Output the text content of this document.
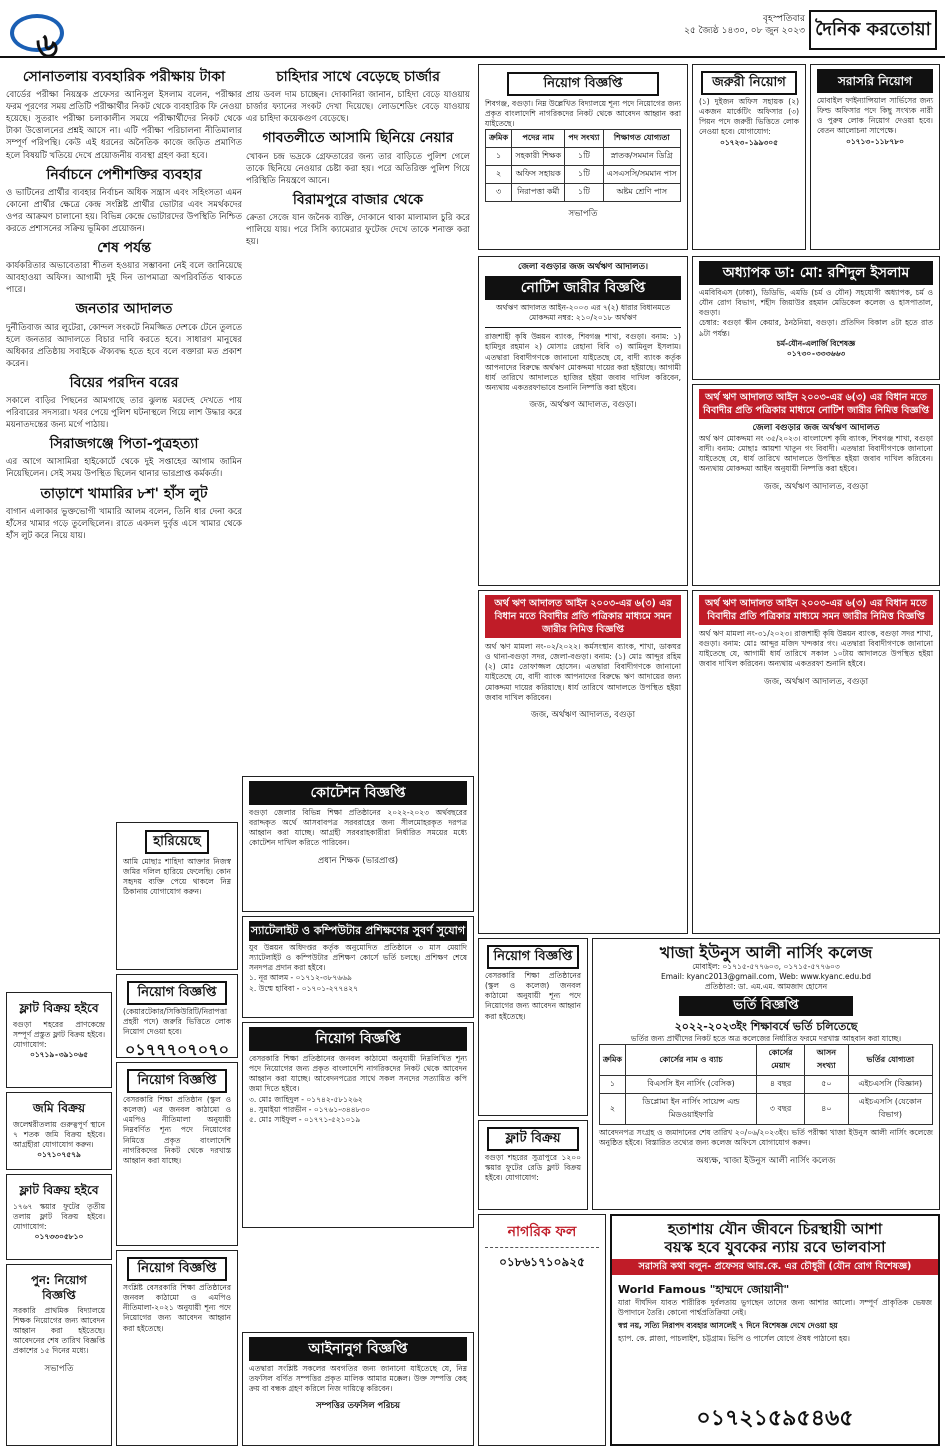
৬
বৃহস্পতিবার
২৫ জ্যৈষ্ঠ ১৪৩০, ০৮ জুন ২০২৩ দৈনিক করতোয়া
সোনাতলায় ব্যবহারিক পরীক্ষায় টাকা
বোর্ডের পরীক্ষা নিয়ন্ত্রক প্রফেসর আনিসুল ইসলাম বলেন, পরীক্ষার ফরম পূরণের সময় প্রতিটি পরীক্ষার্থীর নিকট থেকে ব্যবহারিক ফি নেওয়া হয়েছে। সুতরাং পরীক্ষা চলাকালীন সময়ে পরীক্ষার্থীদের নিকট থেকে টাকা উত্তোলনের প্রশ্নই আসে না। এটি পরীক্ষা পরিচালনা নীতিমালার সম্পূর্ণ পরিপন্থি। কেউ এই ধরনের অনৈতিক কাজে জড়িত প্রমাণিত হলে বিষয়টি খতিয়ে দেখে প্রয়োজনীয় ব্যবস্থা গ্রহণ করা হবে।
নির্বাচনে পেশীশক্তির ব্যবহার
ও ভাটিনের প্রার্থীর ব্যবহার নির্বাচন অধিক সন্ত্রাস এবং সহিংসতা এমন কোনো প্রার্থীর ক্ষেত্রে কেন্দ্র সংশ্লিষ্ট প্রার্থীর ভোটার এবং সমর্থকদের ওপর আক্রমণ চালানো হয়। বিভিন্ন কেন্দ্রে ভোটারদের উপস্থিতি নিশ্চিত করতে প্রশাসনের সক্রিয় ভূমিকা প্রয়োজন।
শেষ পর্যন্ত
কার্যকরিতার অভাবেতারা শীতল হওয়ার সম্ভাবনা নেই বলে জানিয়েছে আবহাওয়া অফিস। আগামী দুই দিন তাপমাত্রা অপরিবর্তিত থাকতে পারে।
জনতার আদালত
দুর্নীতিবাজ আর লুটেরা, কোন্দল সংকটে নিমজ্জিত দেশকে টেনে তুলতে হলে জনতার আদালতে বিচার দাবি করতে হবে। সাধারণ মানুষের অধিকার প্রতিষ্ঠায় সবাইকে ঐক্যবদ্ধ হতে হবে বলে বক্তারা মত প্রকাশ করেন।
বিয়ের পরদিন বরের
সকালে বাড়ির পিছনের আমগাছে তার ঝুলন্ত মরদেহ দেখতে পায় পরিবারের সদস্যরা। খবর পেয়ে পুলিশ ঘটনাস্থলে গিয়ে লাশ উদ্ধার করে ময়নাতদন্তের জন্য মর্গে পাঠায়।
সিরাজগঞ্জে পিতা-পুত্রহত্যা
এর আগে আসামিরা হাইকোর্টে থেকে দুই সপ্তাহের আগাম জামিন নিয়েছিলেন। সেই সময় উপস্থিত ছিলেন থানার ভারপ্রাপ্ত কর্মকর্তা।
তাড়াশে খামারির ৮শ' হাঁস লুট
বাগান এলাকার ভুক্তভোগী খামারি আলম বলেন, তিনি ধার দেনা করে হাঁসের খামার গড়ে তুলেছিলেন। রাতে একদল দুর্বৃত্ত এসে খামার থেকে হাঁস লুট করে নিয়ে যায়।
চাহিদার সাথে বেড়েছে চার্জার
প্রায় ডবল দাম চাচ্ছেন। দোকানিরা জানান, চাহিদা বেড়ে যাওয়ায় চার্জার ফ্যানের সংকট দেখা দিয়েছে। লোডশেডিং বেড়ে যাওয়ায় এর চাহিদা কয়েকগুণ বেড়েছে।
গাবতলীতে আসামি ছিনিয়ে নেয়ার
খোকন চন্দ্র ভদ্রকে গ্রেফতারের জন্য তার বাড়িতে পুলিশ গেলে তাকে ছিনিয়ে নেওয়ার চেষ্টা করা হয়। পরে অতিরিক্ত পুলিশ গিয়ে পরিস্থিতি নিয়ন্ত্রণে আনে।
বিরামপুরে বাজার থেকে
ক্রেতা সেজে যান জনৈক ব্যক্তি, দোকানে থাকা মালামাল চুরি করে পালিয়ে যায়। পরে সিসি ক্যামেরার ফুটেজ দেখে তাকে শনাক্ত করা হয়।
হারিয়েছে
আমি মোছাঃ শাহিদা আক্তার নিজস্ব জমির দলিল হারিয়ে ফেলেছি। কোন সহৃদয় ব্যক্তি পেয়ে থাকলে নিম্ন ঠিকানায় যোগাযোগ করুন।
নিয়োগ বিজ্ঞপ্তি
(কেয়ারটেকার/সিকিউরিটি/নিরাপত্তা প্রহরী পদে) জরুরি ভিত্তিতে লোক নিয়োগ দেওয়া হবে।
০১৭৭৭০৭০৭০
ফ্লাট বিক্রয় হইবে
বগুড়া শহরের প্রাণকেন্দ্রে সম্পূর্ণ প্রস্তুত ফ্লাট বিক্রয় হইবে। যোগাযোগ:
০১৭১৯-৩৯১০৬৫
জমি বিক্রয়
জলেশ্বরীতলায় গুরুত্বপূর্ণ স্থানে ৭ শতক জমি বিক্রয় হইবে। আগ্রহীরা যোগাযোগ করুন।
০১৭১০৭৫৭৯
ফ্লাট বিক্রয় হইবে
১৭৬৭ স্কয়ার ফুটের তৃতীয় তলায় ফ্লাট বিক্রয় হইবে। যোগাযোগ:
০১৭৩৩০৫৮১০
পুন: নিয়োগ বিজ্ঞপ্তি
সরকারি প্রাথমিক বিদ্যালয়ে শিক্ষক নিয়োগের জন্য আবেদন আহ্বান করা হইতেছে। আবেদনের শেষ তারিখ বিজ্ঞপ্তি প্রকাশের ১৫ দিনের মধ্যে।
সভাপতি
নিয়োগ বিজ্ঞপ্তি
বেসরকারি শিক্ষা প্রতিষ্ঠান (স্কুল ও কলেজ) এর জনবল কাঠামো ও এমপিও নীতিমালা অনুযায়ী নিম্নবর্ণিত শূন্য পদে নিয়োগের নিমিত্তে প্রকৃত বাংলাদেশি নাগরিকদের নিকট থেকে দরখাস্ত আহ্বান করা যাচ্ছে।
নিয়োগ বিজ্ঞপ্তি
সংশ্লিষ্ট বেসরকারি শিক্ষা প্রতিষ্ঠানের জনবল কাঠামো ও এমপিও নীতিমালা-২০২১ অনুযায়ী শূন্য পদে নিয়োগের জন্য আবেদন আহ্বান করা হইতেছে।
কোটেশন বিজ্ঞপ্তি
বগুড়া জেলার বিভিন্ন শিক্ষা প্রতিষ্ঠানের ২০২২-২০২৩ অর্থবছরের বরাদ্দকৃত অর্থে আসবাবপত্র সরবরাহের জন্য সীলমোহরকৃত দরপত্র আহ্বান করা যাচ্ছে। আগ্রহী সরবরাহকারীরা নির্ধারিত সময়ের মধ্যে কোটেশন দাখিল করিতে পারিবেন।
প্রধান শিক্ষক (ভারপ্রাপ্ত)
স্যাটেলাইট ও কম্পিউটার প্রশিক্ষণের সুবর্ণ সুযোগ
যুব উন্নয়ন অধিদপ্তর কর্তৃক অনুমোদিত প্রতিষ্ঠানে ৩ মাস মেয়াদি স্যাটেলাইট ও কম্পিউটার প্রশিক্ষণ কোর্সে ভর্তি চলছে। প্রশিক্ষণ শেষে সনদপত্র প্রদান করা হইবে।
১. নূর আলম - ০১৭১২-৩৮৭৬৬৯
২. উম্মে হাবিবা - ০১৭০১-২৭৭৪২৭
নিয়োগ বিজ্ঞপ্তি
বেসরকারি শিক্ষা প্রতিষ্ঠানের জনবল কাঠামো অনুযায়ী নিম্নলিখিত শূন্য পদে নিয়োগের জন্য প্রকৃত বাংলাদেশি নাগরিকদের নিকট থেকে আবেদন আহ্বান করা যাচ্ছে। আবেদনপত্রের সাথে সকল সনদের সত্যায়িত কপি জমা দিতে হইবে।
৩. মোঃ জাহিদুল - ০১৭৪২-৫৮১২৬২
৪. সুমাইয়া পারভীন - ০১৭৬১-৩৪৪৮৩০
৫. মোঃ সাইফুল - ০১৭৭১-৫২১০১৯
আইনানুগ বিজ্ঞপ্তি
এতদ্বারা সংশ্লিষ্ট সকলের অবগতির জন্য জানানো যাইতেছে যে, নিম্ন তফসিল বর্ণিত সম্পত্তির প্রকৃত মালিক আমার মক্কেল। উক্ত সম্পত্তি কেহ ক্রয় বা বন্ধক গ্রহণ করিলে নিজ দায়িত্বে করিবেন।
সম্পত্তির তফসিল পরিচয়
নিয়োগ বিজ্ঞপ্তি
শিবগঞ্জ, বগুড়া। নিম্ন উল্লেখিত বিদ্যালয়ে শূন্য পদে নিয়োগের জন্য প্রকৃত বাংলাদেশি নাগরিকদের নিকট থেকে আবেদন আহ্বান করা যাইতেছে।
ক্রমিক	পদের নাম	পদ সংখ্যা	শিক্ষাগত যোগ্যতা
১	সহকারী শিক্ষক	১টি	স্নাতক/সমমান ডিগ্রি
২	অফিস সহায়ক	১টি	এসএসসি/সমমান পাস
৩	নিরাপত্তা কর্মী	১টি	অষ্টম শ্রেণি পাস
সভাপতি
জরুরী নিয়োগ
(১) দুইজন অফিস সহায়ক (২) একজন মার্কেটিং অফিসার (৩) পিয়ন পদে জরুরী ভিত্তিতে লোক নেওয়া হবে। যোগাযোগ:
০১৭২৩-১৯৯৩০৫
সরাসরি নিয়োগ
মোবাইল ফাইন্যান্সিয়াল সার্ভিসের জন্য ফিল্ড অফিসার পদে কিছু সংখ্যক নারী ও পুরুষ লোক নিয়োগ দেওয়া হবে। বেতন আলোচনা সাপেক্ষে।
০১৭১৩-১১৮৭৮০
জেলা বগুড়ার জজ অর্থঋণ আদালত।
নোটিশ জারীর বিজ্ঞপ্তি
অর্থঋণ আদালত আইন-২০০৩ এর ৭(২) ধারার বিধানমতে মোকদ্দমা নম্বর: ২১০/২০১৮ অর্থঋণ
রাজশাহী কৃষি উন্নয়ন ব্যাংক, শিবগঞ্জ শাখা, বগুড়া। বনাম: ১) হামিদুর রহমান ২) মোসাঃ রেহানা বিবি ৩) আমিনুল ইসলাম। এতদ্বারা বিবাদীগণকে জানানো যাইতেছে যে, বাদী ব্যাংক কর্তৃক আপনাদের বিরুদ্ধে অর্থঋণ মোকদ্দমা দায়ের করা হইয়াছে। আগামী ধার্য তারিখে আদালতে হাজির হইয়া জবাব দাখিল করিবেন, অন্যথায় একতরফাভাবে শুনানি নিষ্পত্তি করা হইবে।
জজ, অর্থঋণ আদালত, বগুড়া।
অধ্যাপক ডা: মো: রশিদুল ইসলাম
এমবিবিএস (ঢাকা), ডিডিভি, এমডি (চর্ম ও যৌন) সহযোগী অধ্যাপক, চর্ম ও যৌন রোগ বিভাগ, শহীদ জিয়াউর রহমান মেডিকেল কলেজ ও হাসপাতাল, বগুড়া।
চেম্বার: বগুড়া স্কীন কেয়ার, ঠনঠনিয়া, বগুড়া। প্রতিদিন বিকাল ৪টা হতে রাত ৯টা পর্যন্ত।
চর্ম-যৌন-এলার্জি বিশেষজ্ঞ
০১৭৩০-৩৩৩৬৬৩
অর্থ ঋণ আদালত আইন ২০০৩-এর ৬(৩) এর বিধান মতে বিবাদীর প্রতি পত্রিকার মাধ্যমে নোটিশ জারীর নিমিত্ত বিজ্ঞপ্তি
জেলা বগুড়ার জজ অর্থঋণ আদালত
অর্থ ঋণ মোকদ্দমা নং ৩৫/২০২৩। বাংলাদেশ কৃষি ব্যাংক, শিবগঞ্জ শাখা, বগুড়া বাদী। বনাম: মোছাঃ আয়শা খাতুন গং বিবাদী। এতদ্বারা বিবাদীগণকে জানানো যাইতেছে যে, ধার্য তারিখে আদালতে উপস্থিত হইয়া জবাব দাখিল করিবেন। অন্যথায় মোকদ্দমা আইন অনুযায়ী নিষ্পত্তি করা হইবে।
জজ, অর্থঋণ আদালত, বগুড়া
অর্থ ঋণ আদালত আইন ২০০৩-এর ৬(৩) এর বিধান মতে বিবাদীর প্রতি পত্রিকার মাধ্যমে সমন জারীর নিমিত্ত বিজ্ঞপ্তি
অর্থ ঋণ মামলা নং-০২/২০২২। কর্মসংস্থান ব্যাংক, শাখা, ডাকঘর ও থানা-বগুড়া সদর, জেলা-বগুড়া। বনাম: (১) মোঃ আব্দুর রহিম (২) মোঃ তোফাজ্জল হোসেন। এতদ্বারা বিবাদীগণকে জানানো যাইতেছে যে, বাদী ব্যাংক আপনাদের বিরুদ্ধে ঋণ আদায়ের জন্য মোকদ্দমা দায়ের করিয়াছে। ধার্য তারিখে আদালতে উপস্থিত হইয়া জবাব দাখিল করিবেন।
জজ, অর্থঋণ আদালত, বগুড়া
অর্থ ঋণ আদালত আইন ২০০৩-এর ৬(৩) এর বিধান মতে বিবাদীর প্রতি পত্রিকার মাধ্যমে সমন জারীর নিমিত্ত বিজ্ঞপ্তি
অর্থ ঋণ মামলা নং-৩১/২০২৩। রাজশাহী কৃষি উন্নয়ন ব্যাংক, বগুড়া সদর শাখা, বগুড়া। বনাম: মোঃ আব্দুর মজিদ খন্দকার গং। এতদ্বারা বিবাদীগণকে জানানো যাইতেছে যে, আগামী ধার্য তারিখে সকাল ১০টায় আদালতে উপস্থিত হইয়া জবাব দাখিল করিবেন। অন্যথায় একতরফা শুনানি হইবে।
জজ, অর্থঋণ আদালত, বগুড়া
নিয়োগ বিজ্ঞপ্তি
বেসরকারি শিক্ষা প্রতিষ্ঠানের (স্কুল ও কলেজ) জনবল কাঠামো অনুযায়ী শূন্য পদে নিয়োগের জন্য আবেদন আহ্বান করা হইতেছে।
ফ্লাট বিক্রয়
বগুড়া শহরের সুত্রাপুরে ১২০০ স্কয়ার ফুটের রেডি ফ্লাট বিক্রয় হইবে। যোগাযোগ:
খাজা ইউনুস আলী নার্সিং কলেজ
মোবাইল: ০১৭১৫-৫৭৭৬০৩, ০১৭১৫-৫৭৭৬০৩
Email: kyanc2013@gmail.com, Web: www.kyanc.edu.bd
প্রতিষ্ঠাতা: ডা. এম.এম. আমজাদ হোসেন
ভর্তি বিজ্ঞপ্তি
২০২২-২০২৩ইং শিক্ষাবর্ষে ভর্তি চলিতেছে
ভর্তির জন্য প্রার্থীদের নিকট হতে অত্র কলেজের নির্ধারিত ফরমে দরখাস্ত আহবান করা যাচ্ছে।
ক্রমিক	কোর্সের নাম ও ব্যাচ	কোর্সের মেয়াদ	আসন সংখ্যা	ভর্তির যোগ্যতা
১	বিএসসি ইন নার্সিং (বেসিক)	৪ বছর	৫০	এইচএসসি (বিজ্ঞান)
২	ডিপ্লোমা ইন নার্সিং সায়েন্স এন্ড মিডওয়াইফারি	৩ বছর	৪০	এইচএসসি (যেকোন বিভাগ)
আবেদনপত্র সংগ্রহ ও জমাদানের শেষ তারিখ ২০/০৬/২০২৩ইং। ভর্তি পরীক্ষা খাজা ইউনুস আলী নার্সিং কলেজে অনুষ্ঠিত হইবে। বিস্তারিত তথ্যের জন্য কলেজ অফিসে যোগাযোগ করুন।
অধ্যক্ষ, খাজা ইউনুস আলী নার্সিং কলেজ
নাগরিক ফল
০১৮৬১৭১০৯২৫
হতাশায় যৌন জীবনে চিরস্থায়ী আশা
বয়স্ক হবে যুবকের ন্যায় রবে ভালবাসা
সরাসরি কথা বলুন- প্রফেসর আর.কে. এর চৌধুরী (যৌন রোগ বিশেষজ্ঞ)
World Famous "হাম্মদে জোয়ানী"
যারা দীর্ঘদিন যাবত শারীরিক দুর্বলতায় ভুগছেন তাদের জন্য আশার আলো। সম্পূর্ণ প্রাকৃতিক ভেষজ উপাদানে তৈরি। কোনো পার্শ্বপ্রতিক্রিয়া নেই।
স্বপ্ন নয়, সত্যি নিরাপদ ব্যবহার আসলেই ৭ দিনে বিশেষজ্ঞ দেখে দেওয়া হয়
হ্যাপ. কে. প্লাজা, পাচলাইশ, চট্টগ্রাম। ভিপি ও পার্সেল যোগে ঔষধ পাঠানো হয়।
০১৭২১৫৯৫৪৬৫
